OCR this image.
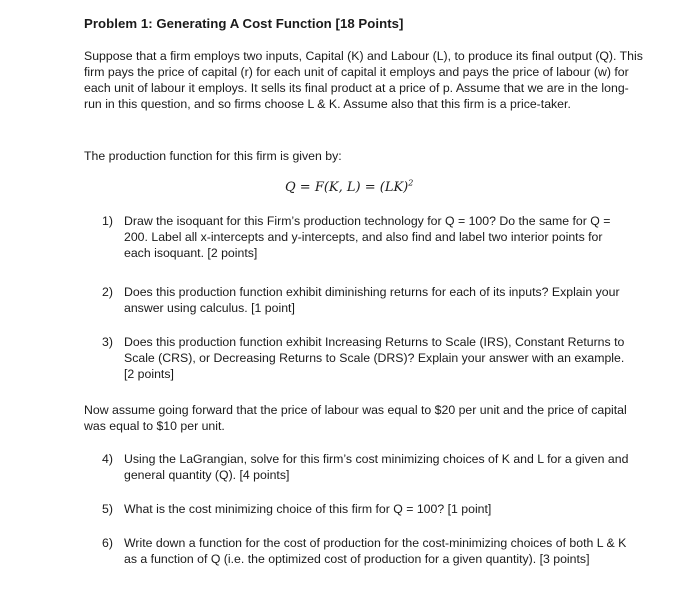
Problem 1: Generating A Cost Function [18 Points]
Suppose that a firm employs two inputs, Capital (K) and Labour (L), to produce its final output (Q). This firm pays the price of capital (r) for each unit of capital it employs and pays the price of labour (w) for each unit of labour it employs. It sells its final product at a price of p. Assume that we are in the long-run in this question, and so firms choose L & K. Assume also that this firm is a price-taker.
The production function for this firm is given by:
Q = F(K, L) = (LK)$^2$
1) Draw the isoquant for this Firm’s production technology for Q = 100? Do the same for Q = 200. Label all x-intercepts and y-intercepts, and also find and label two interior points for each isoquant. [2 points]
2) Does this production function exhibit diminishing returns for each of its inputs? Explain your answer using calculus. [1 point]
3) Does this production function exhibit Increasing Returns to Scale (IRS), Constant Returns to Scale (CRS), or Decreasing Returns to Scale (DRS)? Explain your answer with an example. [2 points]
Now assume going forward that the price of labour was equal to $20 per unit and the price of capital was equal to $10 per unit.
4) Using the LaGrangian, solve for this firm’s cost minimizing choices of K and L for a given and general quantity (Q). [4 points]
5) What is the cost minimizing choice of this firm for Q = 100? [1 point]
6) Write down a function for the cost of production for the cost-minimizing choices of both L & K as a function of Q (i.e. the optimized cost of production for a given quantity). [3 points]
